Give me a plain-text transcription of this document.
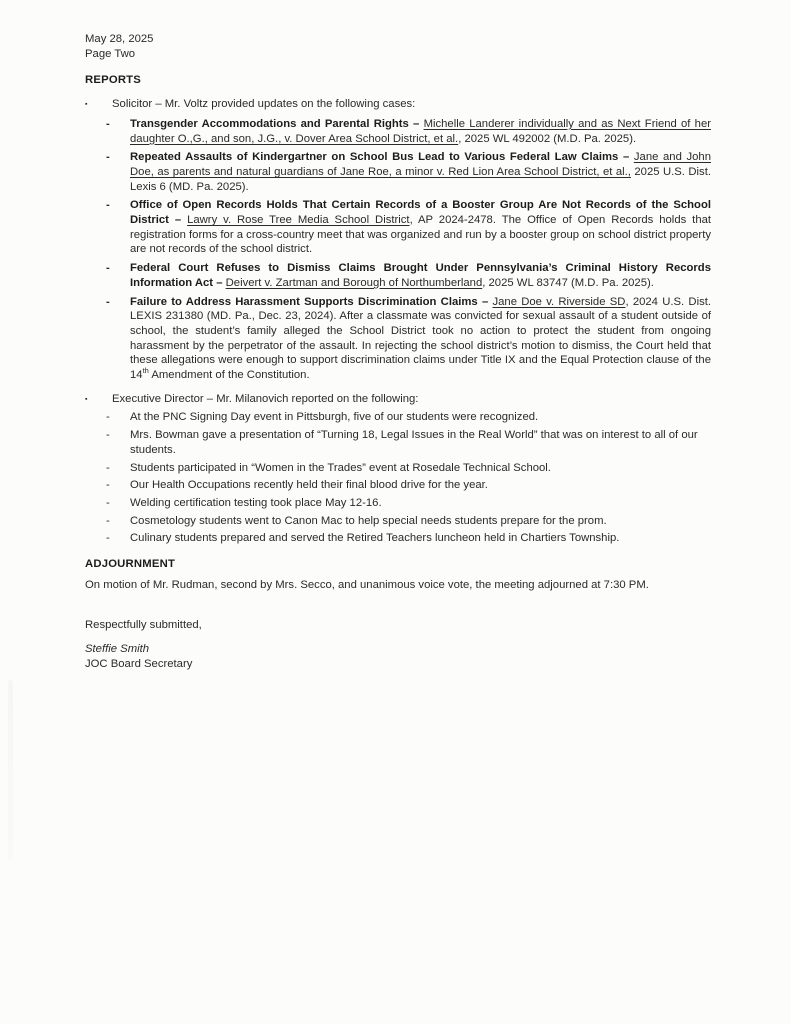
May 28, 2025
Page Two
REPORTS
▪	Solicitor – Mr. Voltz provided updates on the following cases:
-	Transgender Accommodations and Parental Rights – Michelle Landerer individually and as Next Friend of her daughter O.,G., and son, J.G., v. Dover Area School District, et al., 2025 WL 492002 (M.D. Pa. 2025).

-	Repeated Assaults of Kindergartner on School Bus Lead to Various Federal Law Claims – Jane and John Doe, as parents and natural guardians of Jane Roe, a minor v. Red Lion Area School District, et al., 2025 U.S. Dist. Lexis 6 (MD. Pa. 2025).

-	Office of Open Records Holds That Certain Records of a Booster Group Are Not Records of the School District – Lawry v. Rose Tree Media School District, AP 2024-2478. The Office of Open Records holds that registration forms for a cross-country meet that was organized and run by a booster group on school district property are not records of the school district.

-	Federal Court Refuses to Dismiss Claims Brought Under Pennsylvania’s Criminal History Records Information Act – Deivert v. Zartman and Borough of Northumberland, 2025 WL 83747 (M.D. Pa. 2025).

-	Failure to Address Harassment Supports Discrimination Claims – Jane Doe v. Riverside SD, 2024 U.S. Dist. LEXIS 231380 (MD. Pa., Dec. 23, 2024). After a classmate was convicted for sexual assault of a student outside of school, the student’s family alleged the School District took no action to protect the student from ongoing harassment by the perpetrator of the assault. In rejecting the school district’s motion to dismiss, the Court held that these allegations were enough to support discrimination claims under Title IX and the Equal Protection clause of the 14th Amendment of the Constitution.

▪	Executive Director – Mr. Milanovich reported on the following:
-	At the PNC Signing Day event in Pittsburgh, five of our students were recognized.
-	Mrs. Bowman gave a presentation of “Turning 18, Legal Issues in the Real World” that was on interest to all of our students.
-	Students participated in “Women in the Trades” event at Rosedale Technical School.
-	Our Health Occupations recently held their final blood drive for the year.
-	Welding certification testing took place May 12-16.
-	Cosmetology students went to Canon Mac to help special needs students prepare for the prom.
-	Culinary students prepared and served the Retired Teachers luncheon held in Chartiers Township.
ADJOURNMENT
On motion of Mr. Rudman, second by Mrs. Secco, and unanimous voice vote, the meeting adjourned at 7:30 PM.
Respectfully submitted,
Steffie Smith
JOC Board Secretary
